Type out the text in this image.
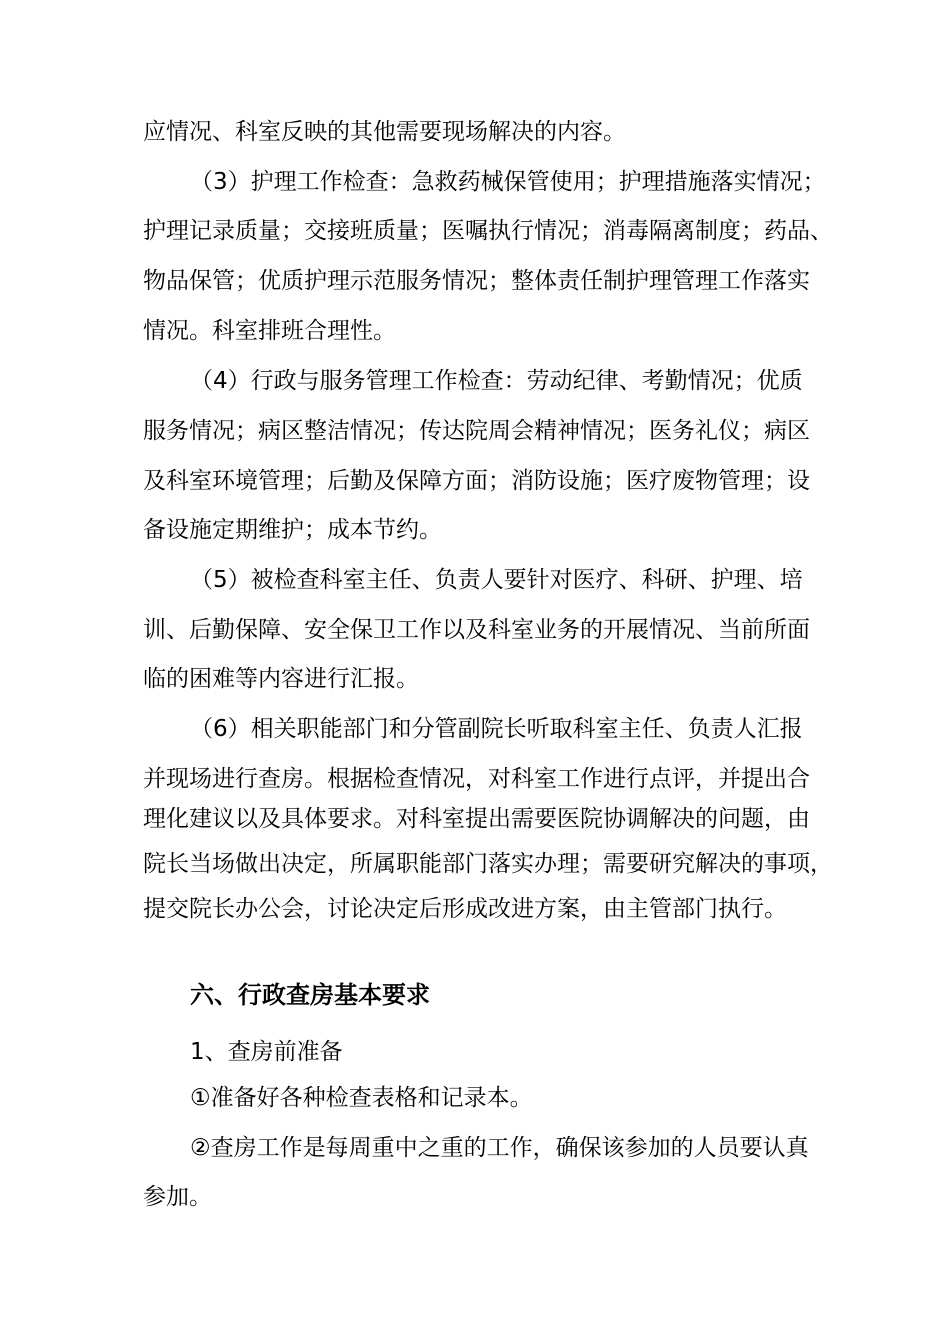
应情况、科室反映的其他需要现场解决的内容。
（3）护理工作检查：急救药械保管使用；护理措施落实情况；
护理记录质量；交接班质量；医嘱执行情况；消毒隔离制度；药品、
物品保管；优质护理示范服务情况；整体责任制护理管理工作落实
情况。科室排班合理性。
（4）行政与服务管理工作检查：劳动纪律、考勤情况；优质
服务情况；病区整洁情况；传达院周会精神情况；医务礼仪；病区
及科室环境管理；后勤及保障方面；消防设施；医疗废物管理；设
备设施定期维护；成本节约。
（5）被检查科室主任、负责人要针对医疗、科研、护理、培
训、后勤保障、安全保卫工作以及科室业务的开展情况、当前所面
临的困难等内容进行汇报。
（6）相关职能部门和分管副院长听取科室主任、负责人汇报
并现场进行查房。根据检查情况，对科室工作进行点评，并提出合
理化建议以及具体要求。对科室提出需要医院协调解决的问题，由
院长当场做出决定，所属职能部门落实办理；需要研究解决的事项，
提交院长办公会，讨论决定后形成改进方案，由主管部门执行。
六、行政查房基本要求
1、查房前准备
①准备好各种检查表格和记录本。
②查房工作是每周重中之重的工作，确保该参加的人员要认真
参加。
